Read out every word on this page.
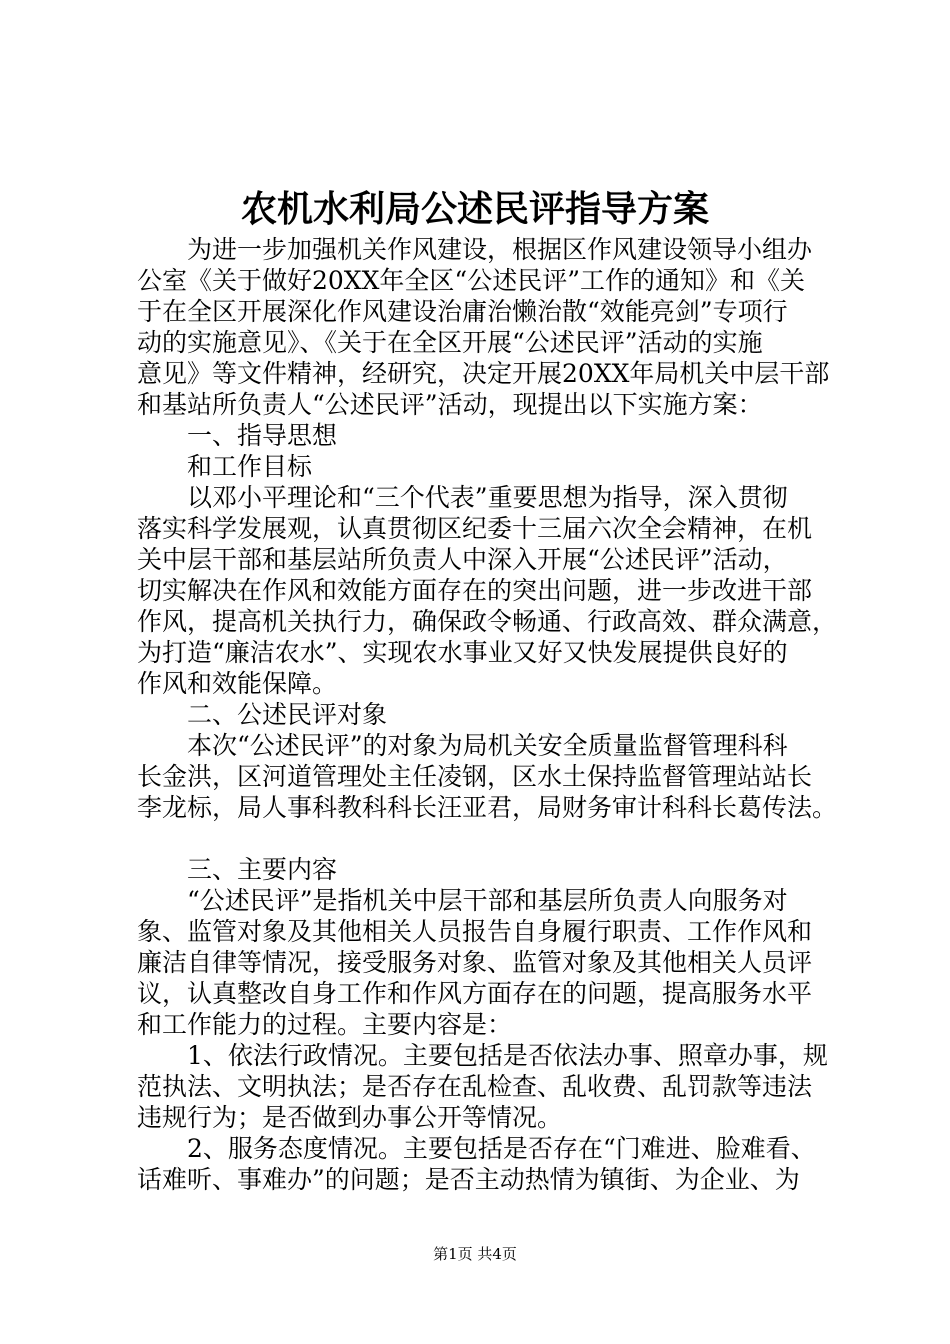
农机水利局公述民评指导方案

　　为进一步加强机关作风建设，根据区作风建设领导小组办

公室《关于做好20XX年全区“公述民评”工作的通知》和《关

于在全区开展深化作风建设治庸治懒治散“效能亮剑”专项行

动的实施意见》、《关于在全区开展“公述民评”活动的实施

意见》等文件精神，经研究，决定开展20XX年局机关中层干部

和基站所负责人“公述民评”活动，现提出以下实施方案：

　　一、指导思想

　　和工作目标

　　以邓小平理论和“三个代表”重要思想为指导，深入贯彻

落实科学发展观，认真贯彻区纪委十三届六次全会精神，在机

关中层干部和基层站所负责人中深入开展“公述民评”活动，

切实解决在作风和效能方面存在的突出问题，进一步改进干部

作风，提高机关执行力，确保政令畅通、行政高效、群众满意，

为打造“廉洁农水”、实现农水事业又好又快发展提供良好的

作风和效能保障。

　　二、公述民评对象

　　本次“公述民评”的对象为局机关安全质量监督管理科科

长金洪，区河道管理处主任凌钢，区水土保持监督管理站站长

李龙标，局人事科教科科长汪亚君，局财务审计科科长葛传法。

　　三、主要内容

　　“公述民评”是指机关中层干部和基层所负责人向服务对

象、监管对象及其他相关人员报告自身履行职责、工作作风和

廉洁自律等情况，接受服务对象、监管对象及其他相关人员评

议，认真整改自身工作和作风方面存在的问题，提高服务水平

和工作能力的过程。主要内容是：

　　1、依法行政情况。主要包括是否依法办事、照章办事，规

范执法、文明执法；是否存在乱检查、乱收费、乱罚款等违法

违规行为；是否做到办事公开等情况。

　　2、服务态度情况。主要包括是否存在“门难进、脸难看、

话难听、事难办”的问题；是否主动热情为镇街、为企业、为

第1页 共4页
